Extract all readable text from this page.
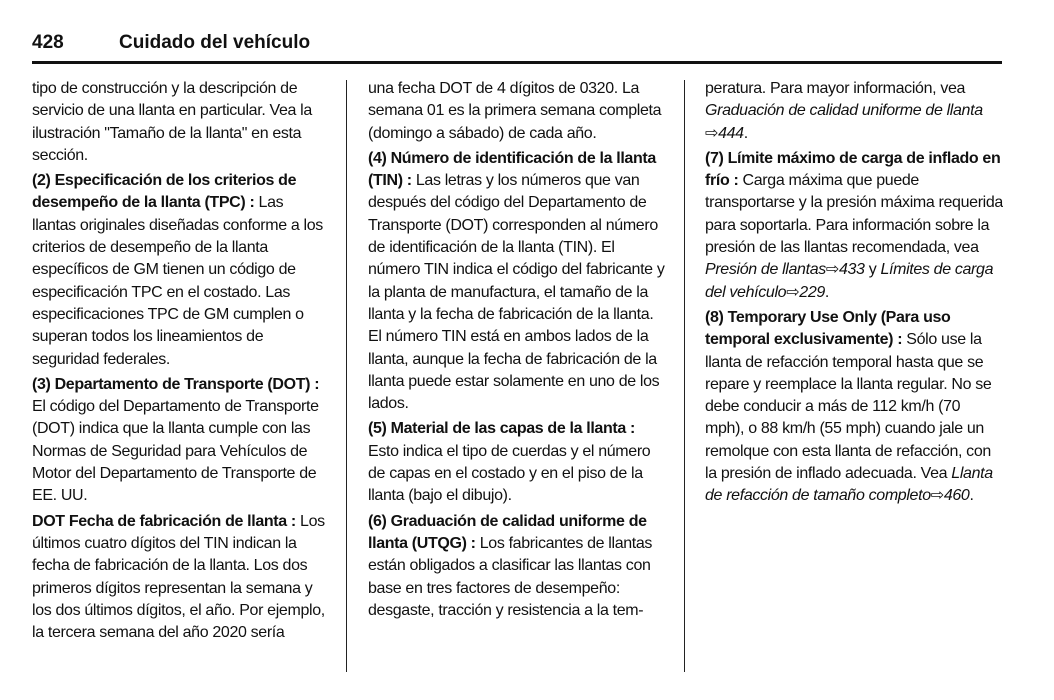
428	Cuidado del vehículo

tipo de construcción y la descripción de servicio de una llanta en particular. Vea la ilustración "Tamaño de la llanta" en esta sección.

(2) Especificación de los criterios de desempeño de la llanta (TPC) : Las llantas originales diseñadas conforme a los criterios de desempeño de la llanta específicos de GM tienen un código de especificación TPC en el costado. Las especificaciones TPC de GM cumplen o superan todos los lineamientos de seguridad federales.

(3) Departamento de Transporte (DOT) : El código del Departamento de Transporte (DOT) indica que la llanta cumple con las Normas de Seguridad para Vehículos de Motor del Departamento de Transporte de EE. UU.

DOT Fecha de fabricación de llanta : Los últimos cuatro dígitos del TIN indican la fecha de fabricación de la llanta. Los dos primeros dígitos representan la semana y los dos últimos dígitos, el año. Por ejemplo, la tercera semana del año 2020 sería

una fecha DOT de 4 dígitos de 0320. La semana 01 es la primera semana completa (domingo a sábado) de cada año.

(4) Número de identificación de la llanta (TIN) : Las letras y los números que van después del código del Departamento de Transporte (DOT) corresponden al número de identificación de la llanta (TIN). El número TIN indica el código del fabricante y la planta de manufactura, el tamaño de la llanta y la fecha de fabricación de la llanta. El número TIN está en ambos lados de la llanta, aunque la fecha de fabricación de la llanta puede estar solamente en uno de los lados.

(5) Material de las capas de la llanta : Esto indica el tipo de cuerdas y el número de capas en el costado y en el piso de la llanta (bajo el dibujo).

(6) Graduación de calidad uniforme de llanta (UTQG) : Los fabricantes de llantas están obligados a clasificar las llantas con base en tres factores de desempeño: desgaste, tracción y resistencia a la tem-

peratura. Para mayor información, vea Graduación de calidad uniforme de llanta ⇨444.

(7) Límite máximo de carga de inflado en frío : Carga máxima que puede transportarse y la presión máxima requerida para soportarla. Para información sobre la presión de las llantas recomendada, vea Presión de llantas⇨433 y Límites de carga del vehículo⇨229.

(8) Temporary Use Only (Para uso temporal exclusivamente) : Sólo use la llanta de refacción temporal hasta que se repare y reemplace la llanta regular. No se debe conducir a más de 112 km/h (70 mph), o 88 km/h (55 mph) cuando jale un remolque con esta llanta de refacción, con la presión de inflado adecuada. Vea Llanta de refacción de tamaño completo⇨460.
